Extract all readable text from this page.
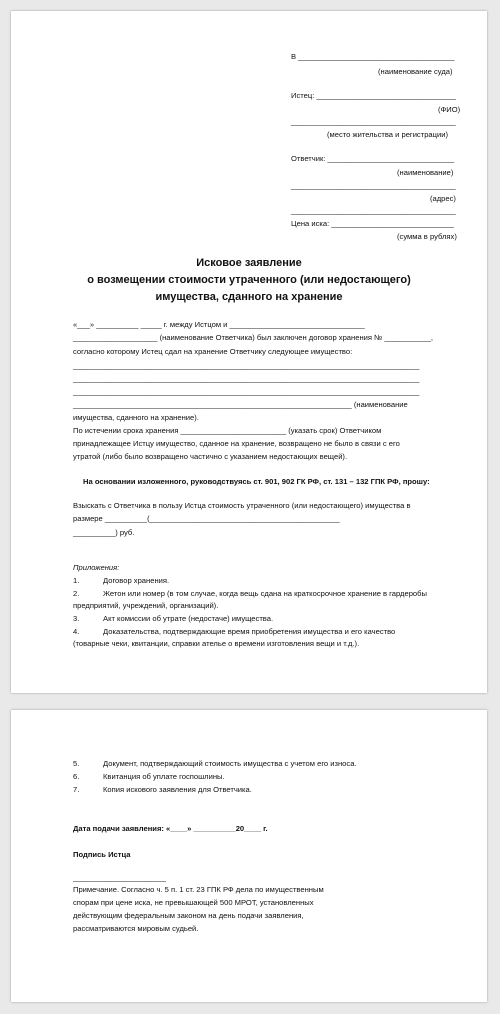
В _____________________________________
(наименование суда)
Истец: _________________________________
(ФИО)
_______________________________________
(место жительства и регистрации)
Ответчик: ______________________________
(наименование)
_______________________________________
(адрес)
_______________________________________
Цена иска: _____________________________
(сумма в рублях)
Исковое заявление
о возмещении стоимости утраченного (или недостающего)
имущества, сданного на хранение
«___» __________ _____ г. между Истцом и ________________________________
____________________ (наименование Ответчика) был заключен договор хранения № ___________,
согласно которому Истец сдал на хранение Ответчику следующее имущество:
__________________________________________________________________________________
__________________________________________________________________________________
__________________________________________________________________________________
__________________________________________________________________ (наименование
имущества, сданного на хранение).
По истечении срока хранения _________________________ (указать срок) Ответчиком
принадлежащее Истцу имущество, сданное на хранение, возвращено не было в связи с его
утратой (либо было возвращено частично с указанием недостающих вещей).
На основании изложенного, руководствуясь ст. 901, 902 ГК РФ, ст. 131 – 132 ГПК РФ, прошу:
Взыскать с Ответчика в пользу Истца стоимость утраченного (или недостающего) имущества в
размере __________(_____________________________________________
__________) руб.
Приложения:
1.	Договор хранения.
2.	Жетон или номер (в том случае, когда вещь сдана на краткосрочное хранение в гардеробы
предприятий, учреждений, организаций).
3.	Акт комиссии об утрате (недостаче) имущества.
4.	Доказательства, подтверждающие время приобретения имущества и его качество
(товарные чеки, квитанции, справки ателье о времени изготовления вещи и т.д.).
5.	Документ, подтверждающий стоимость имущества с учетом его износа.
6.	Квитанция об уплате госпошлины.
7.	Копия искового заявления для Ответчика.
Дата подачи заявления: «____» __________20____ г.
Подпись Истца
______________________
Примечание. Согласно ч. 5 п. 1 ст. 23 ГПК РФ дела по имущественным
спорам при цене иска, не превышающей 500 МРОТ, установленных
действующим федеральным законом на день подачи заявления,
рассматриваются мировым судьей.
